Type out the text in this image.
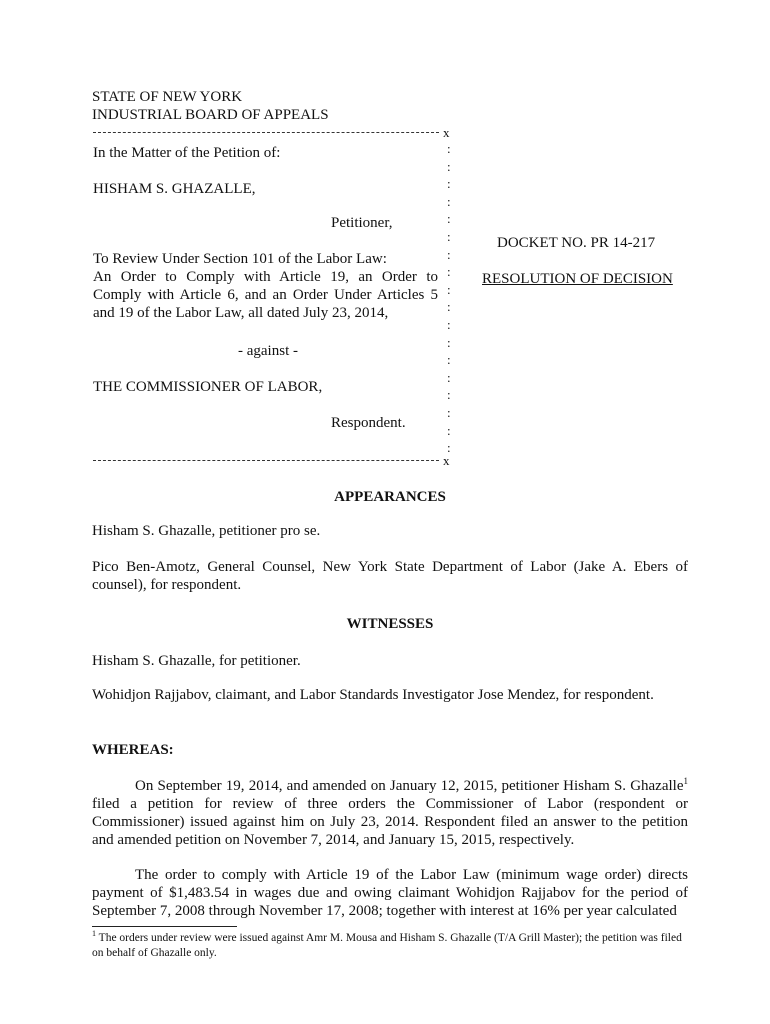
STATE OF NEW YORK
INDUSTRIAL BOARD OF APPEALS
x
In the Matter of the Petition of:
HISHAM S. GHAZALLE,
Petitioner,
To Review Under Section 101 of the Labor Law:
An Order to Comply with Article 19, an Order to
Comply with Article 6, and an Order Under Articles 5
and 19 of the Labor Law, all dated July 23, 2014,
- against -
THE COMMISSIONER OF LABOR,
Respondent.
x
:
:
:
:
:
:
:
:
:
:
:
:
:
:
:
:
:
:
DOCKET NO. PR 14-217
RESOLUTION OF DECISION
APPEARANCES
Hisham S. Ghazalle, petitioner pro se.
Pico Ben-Amotz, General Counsel, New York State Department of Labor (Jake A. Ebers of counsel), for respondent.
WITNESSES
Hisham S. Ghazalle, for petitioner.
Wohidjon Rajjabov, claimant, and Labor Standards Investigator Jose Mendez, for respondent.
WHEREAS:
On September 19, 2014, and amended on January 12, 2015, petitioner Hisham S. Ghazalle$^1$ filed a petition for review of three orders the Commissioner of Labor (respondent or Commissioner) issued against him on July 23, 2014. Respondent filed an answer to the petition and amended petition on November 7, 2014, and January 15, 2015, respectively.
The order to comply with Article 19 of the Labor Law (minimum wage order) directs payment of $1,483.54 in wages due and owing claimant Wohidjon Rajjabov for the period of September 7, 2008 through November 17, 2008; together with interest at 16% per year calculated
$^1$ The orders under review were issued against Amr M. Mousa and Hisham S. Ghazalle (T/A Grill Master); the petition was filed on behalf of Ghazalle only.
